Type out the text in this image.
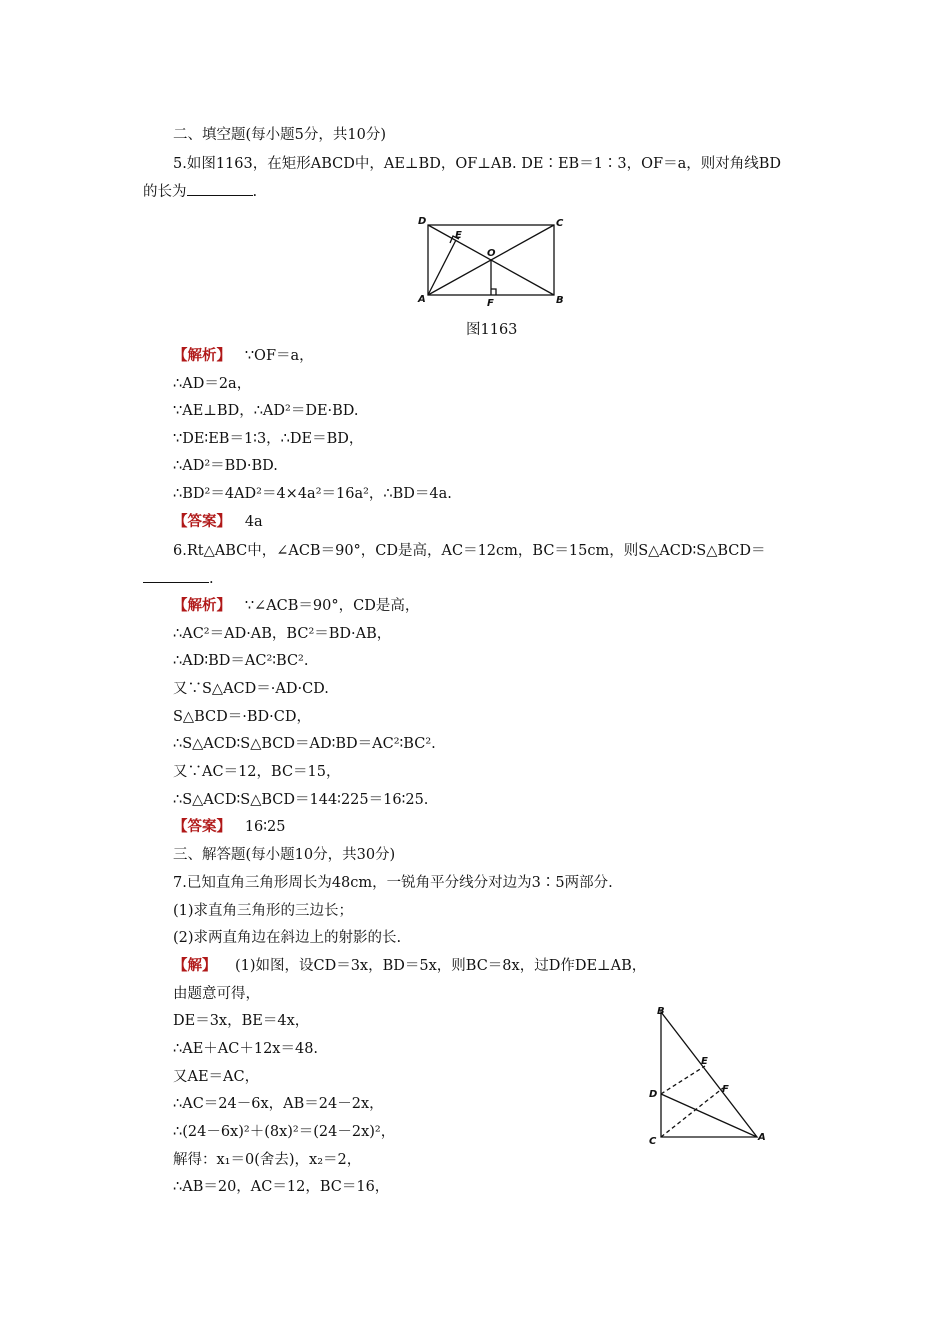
二、填空题(每小题5分，共10分)
5.如图1163，在矩形ABCD中，AE⊥BD，OF⊥AB. DE∶EB＝1∶3，OF＝a，则对角线BD
的长为	.
D	C
E
O
A	F	B
图1163
【解析】 ∵OF＝a，
∴AD＝2a，
∵AE⊥BD，∴AD²＝DE·BD.
∵DE∶EB＝1∶3，∴DE＝BD，
∴AD²＝BD·BD.
∴BD²＝4AD²＝4×4a²＝16a²，∴BD＝4a.
【答案】 4a
6.Rt△ABC中，∠ACB＝90°，CD是高，AC＝12cm，BC＝15cm，则S△ACD∶S△BCD＝
.
【解析】 ∵∠ACB＝90°，CD是高，
∴AC²＝AD·AB，BC²＝BD·AB，
∴AD∶BD＝AC²∶BC².
又∵S△ACD＝·AD·CD.
S△BCD＝·BD·CD，
∴S△ACD∶S△BCD＝AD∶BD＝AC²∶BC².
又∵AC＝12，BC＝15，
∴S△ACD∶S△BCD＝144∶225＝16∶25.
【答案】 16∶25
三、解答题(每小题10分，共30分)
7.已知直角三角形周长为48cm，一锐角平分线分对边为3∶5两部分.
(1)求直角三角形的三边长；
(2)求两直角边在斜边上的射影的长.
【解】 (1)如图，设CD＝3x，BD＝5x，则BC＝8x，过D作DE⊥AB，
由题意可得，
DE＝3x，BE＝4x，
∴AE＋AC＋12x＝48.
又AE＝AC，
∴AC＝24－6x，AB＝24－2x，
∴(24－6x)²＋(8x)²＝(24－2x)²，
解得：x₁＝0(舍去)，x₂＝2，
∴AB＝20，AC＝12，BC＝16，
B
E
D	F
C	A
